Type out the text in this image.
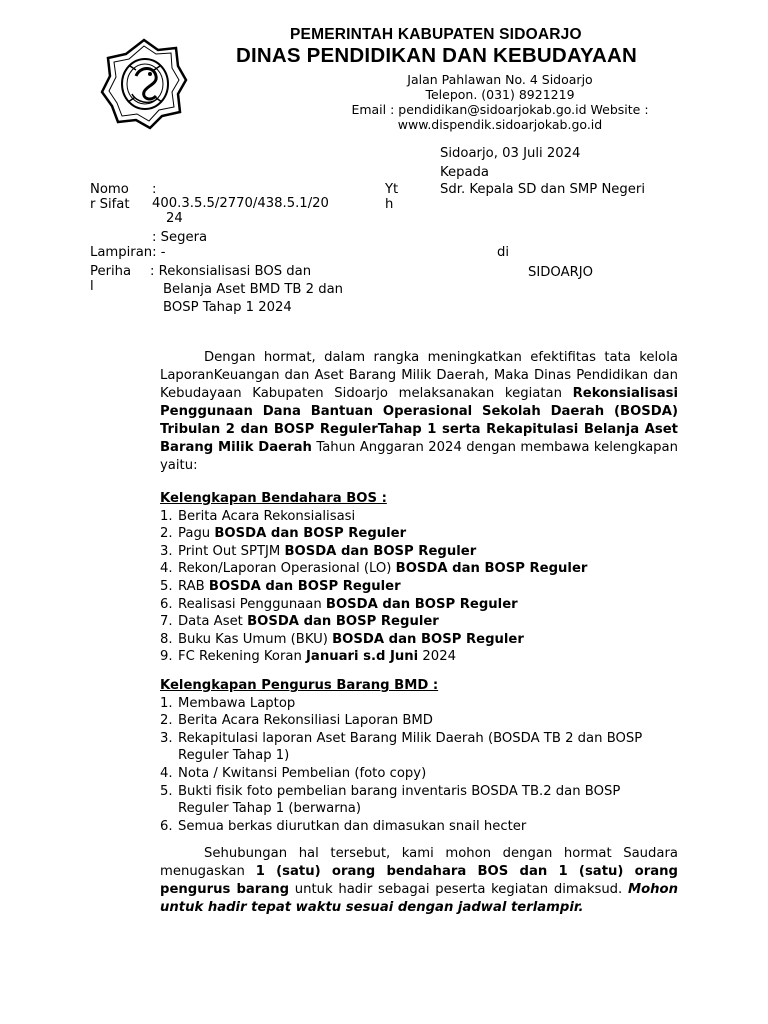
PEMERINTAH KABUPATEN SIDOARJO
DINAS PENDIDIKAN DAN KEBUDAYAAN
Jalan Pahlawan No. 4 Sidoarjo
Telepon. (031) 8921219
Email : pendidikan@sidoarjokab.go.id Website :
www.dispendik.sidoarjokab.go.id
Sidoarjo, 03 Juli 2024
Kepada
Yt
h
Sdr. Kepala SD dan SMP Negeri
di
SIDOARJO
Nomo
r Sifat
:
400.3.5.5/2770/438.5.1/20
24
: Segera
Lampiran: -
Periha
l
: Rekonsialisasi BOS dan
Belanja Aset BMD TB 2 dan
BOSP Tahap 1 2024
Dengan hormat, dalam rangka meningkatkan efektifitas tata kelola LaporanKeuangan dan Aset Barang Milik Daerah, Maka Dinas Pendidikan dan Kebudayaan Kabupaten Sidoarjo melaksanakan kegiatan Rekonsialisasi Penggunaan Dana Bantuan Operasional Sekolah Daerah (BOSDA) Tribulan 2 dan BOSP RegulerTahap 1 serta Rekapitulasi Belanja Aset Barang Milik Daerah Tahun Anggaran 2024 dengan membawa kelengkapan yaitu:
Kelengkapan Bendahara BOS :
1. Berita Acara Rekonsialisasi
2. Pagu BOSDA dan BOSP Reguler
3. Print Out SPTJM BOSDA dan BOSP Reguler
4. Rekon/Laporan Operasional (LO) BOSDA dan BOSP Reguler
5. RAB BOSDA dan BOSP Reguler
6. Realisasi Penggunaan BOSDA dan BOSP Reguler
7. Data Aset BOSDA dan BOSP Reguler
8. Buku Kas Umum (BKU) BOSDA dan BOSP Reguler
9. FC Rekening Koran Januari s.d Juni 2024
Kelengkapan Pengurus Barang BMD :
1. Membawa Laptop
2. Berita Acara Rekonsiliasi Laporan BMD
3. Rekapitulasi laporan Aset Barang Milik Daerah (BOSDA TB 2 dan BOSP Reguler Tahap 1)
4. Nota / Kwitansi Pembelian (foto copy)
5. Bukti fisik foto pembelian barang inventaris BOSDA TB.2 dan BOSP Reguler Tahap 1 (berwarna)
6. Semua berkas diurutkan dan dimasukan snail hecter
Sehubungan hal tersebut, kami mohon dengan hormat Saudara menugaskan 1 (satu) orang bendahara BOS dan 1 (satu) orang pengurus barang untuk hadir sebagai peserta kegiatan dimaksud. Mohon untuk hadir tepat waktu sesuai dengan jadwal terlampir.
